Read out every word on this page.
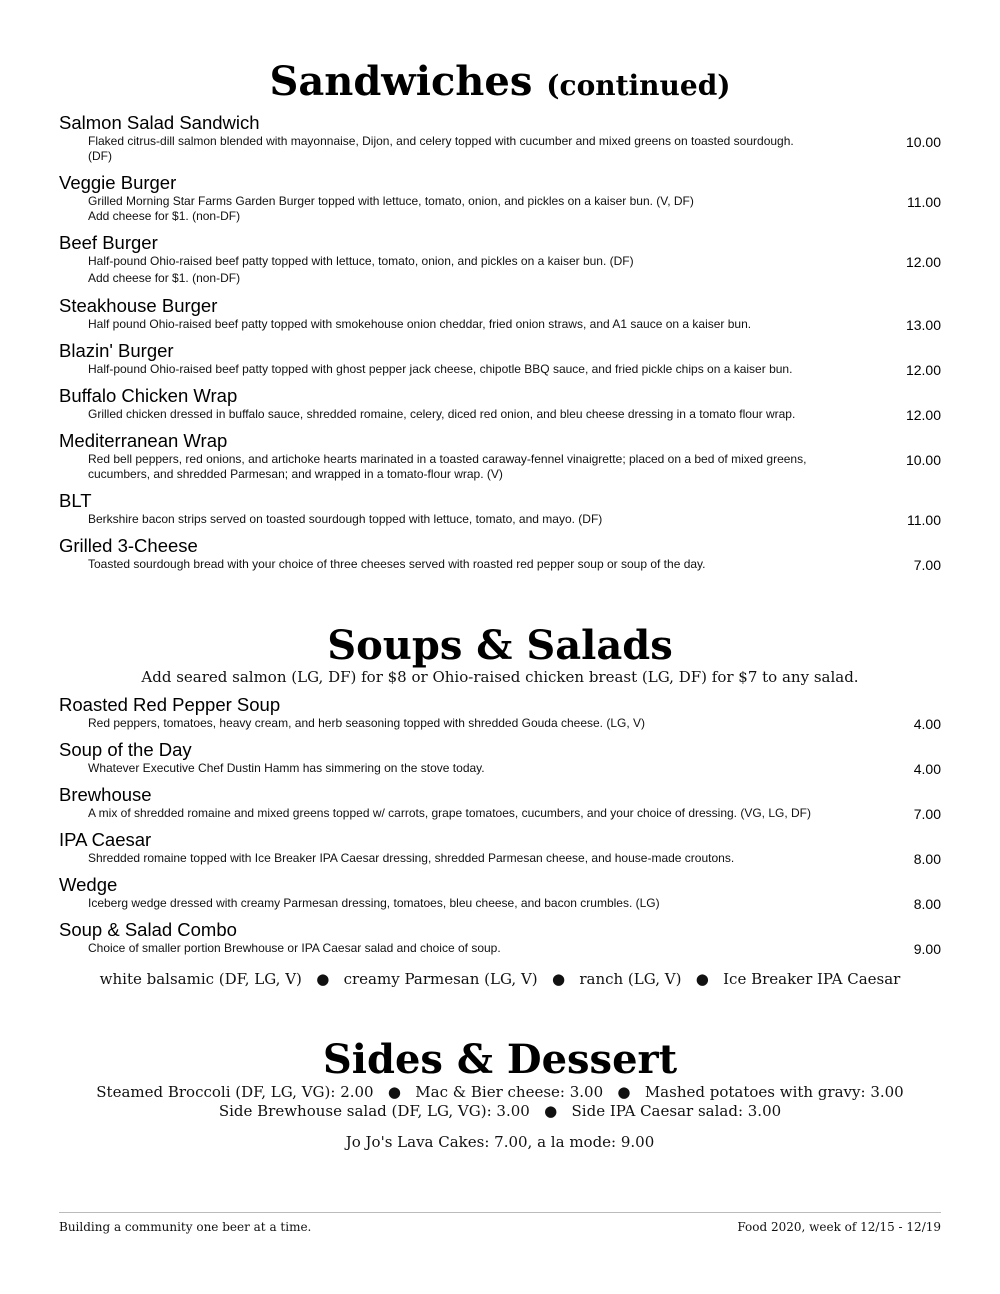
Sandwiches (continued)
Salmon Salad Sandwich
Flaked citrus-dill salmon blended with mayonnaise, Dijon, and celery topped with cucumber and mixed greens on toasted sourdough. (DF)
10.00
Veggie Burger
Grilled Morning Star Farms Garden Burger topped with lettuce, tomato, onion, and pickles on a kaiser bun. (V, DF)
Add cheese for $1. (non-DF)
11.00
Beef Burger
Half-pound Ohio-raised beef patty topped with lettuce, tomato, onion, and pickles on a kaiser bun. (DF)
Add cheese for $1. (non-DF)
12.00
Steakhouse Burger
Half pound Ohio-raised beef patty topped with smokehouse onion cheddar, fried onion straws, and A1 sauce on a kaiser bun.	13.00
Blazin' Burger
Half-pound Ohio-raised beef patty topped with ghost pepper jack cheese, chipotle BBQ sauce, and fried pickle chips on a kaiser bun.	12.00
Buffalo Chicken Wrap
Grilled chicken dressed in buffalo sauce, shredded romaine, celery, diced red onion, and bleu cheese dressing in a tomato flour wrap.	12.00
Mediterranean Wrap
Red bell peppers, red onions, and artichoke hearts marinated in a toasted caraway-fennel vinaigrette; placed on a bed of mixed greens, cucumbers, and shredded Parmesan; and wrapped in a tomato-flour wrap. (V)
10.00
BLT
Berkshire bacon strips served on toasted sourdough topped with lettuce, tomato, and mayo. (DF)	11.00
Grilled 3-Cheese
Toasted sourdough bread with your choice of three cheeses served with roasted red pepper soup or soup of the day.	7.00
Soups & Salads
Add seared salmon (LG, DF) for $8 or Ohio-raised chicken breast (LG, DF) for $7 to any salad.
Roasted Red Pepper Soup
Red peppers, tomatoes, heavy cream, and herb seasoning topped with shredded Gouda cheese. (LG, V)	4.00
Soup of the Day
Whatever Executive Chef Dustin Hamm has simmering on the stove today.	4.00
Brewhouse
A mix of shredded romaine and mixed greens topped w/ carrots, grape tomatoes, cucumbers, and your choice of dressing. (VG, LG, DF)	7.00
IPA Caesar
Shredded romaine topped with Ice Breaker IPA Caesar dressing, shredded Parmesan cheese, and house-made croutons.	8.00
Wedge
Iceberg wedge dressed with creamy Parmesan dressing, tomatoes, bleu cheese, and bacon crumbles. (LG)	8.00
Soup & Salad Combo
Choice of smaller portion Brewhouse or IPA Caesar salad and choice of soup.	9.00
white balsamic (DF, LG, V)   ●   creamy Parmesan (LG, V)   ●   ranch (LG, V)   ●   Ice Breaker IPA Caesar
Sides & Dessert
Steamed Broccoli (DF, LG, VG): 2.00   ●   Mac & Bier cheese: 3.00   ●   Mashed potatoes with gravy: 3.00
Side Brewhouse salad (DF, LG, VG): 3.00   ●   Side IPA Caesar salad: 3.00
Jo Jo's Lava Cakes: 7.00, a la mode: 9.00
Building a community one beer at a time.	Food 2020, week of 12/15 - 12/19
